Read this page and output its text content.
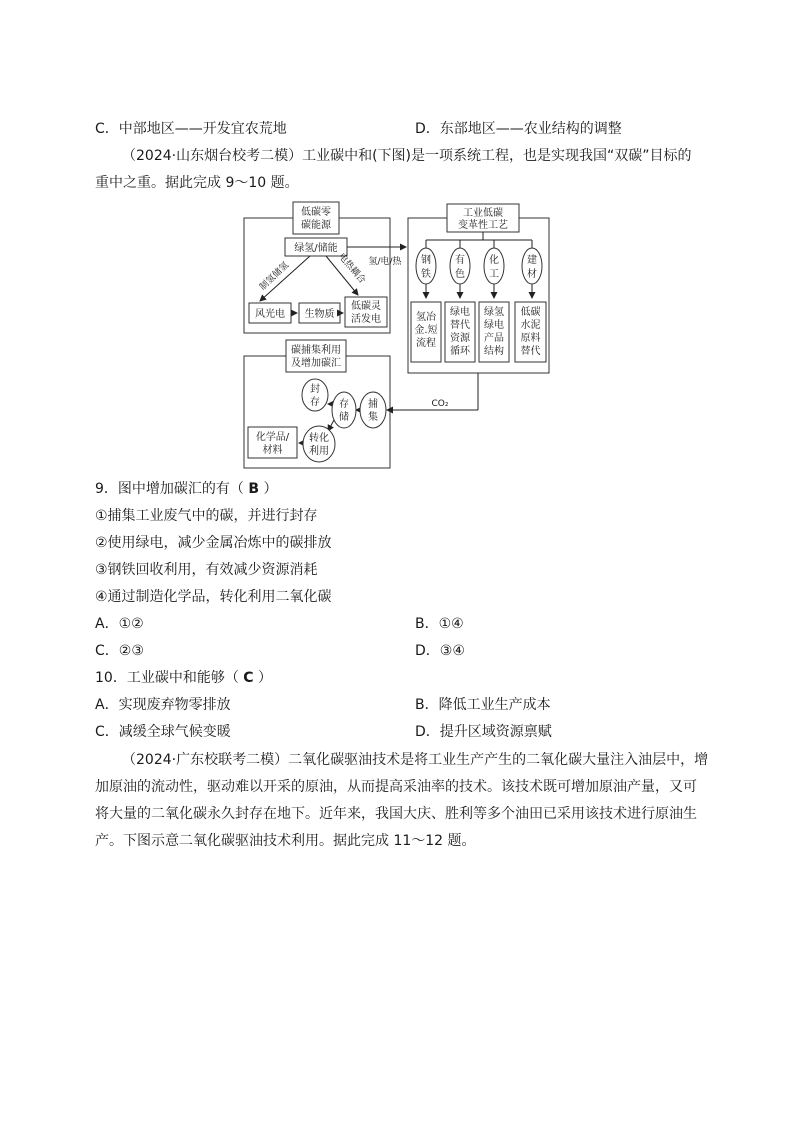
C．中部地区——开发宜农荒地	D．东部地区——农业结构的调整
（2024·山东烟台校考二模）工业碳中和(下图)是一项系统工程，也是实现我国“双碳”目标的
重中之重。据此完成 9～10 题。
低碳零
碳能源
绿氢/储能
风光电 生物质
低碳灵
活发电
制氢储氢	电热耦合 氢/电/热
工业低碳
变革性工艺
钢
铁
有
色
化
工
建
材
氢冶
金.短
流程
绿电
替代
资源
循环
绿氢
绿电
产品
结构
低碳
水泥
原料
替代
碳捕集利用
及增加碳汇
封
存 存
储
捕
集
转化
利用
化学品/
材料
CO₂
9．图中增加碳汇的有（ B ）
①捕集工业废气中的碳，并进行封存
②使用绿电，减少金属冶炼中的碳排放
③钢铁回收利用，有效减少资源消耗
④通过制造化学品，转化利用二氧化碳
A．①②	B．①④
C．②③	D．③④
10．工业碳中和能够（ C ）
A．实现废弃物零排放	B．降低工业生产成本
C．减缓全球气候变暖	D．提升区域资源禀赋
（2024·广东校联考二模）二氧化碳驱油技术是将工业生产产生的二氧化碳大量注入油层中，增
加原油的流动性，驱动难以开采的原油，从而提高采油率的技术。该技术既可增加原油产量，又可
将大量的二氧化碳永久封存在地下。近年来，我国大庆、胜利等多个油田已采用该技术进行原油生
产。下图示意二氧化碳驱油技术利用。据此完成 11～12 题。
